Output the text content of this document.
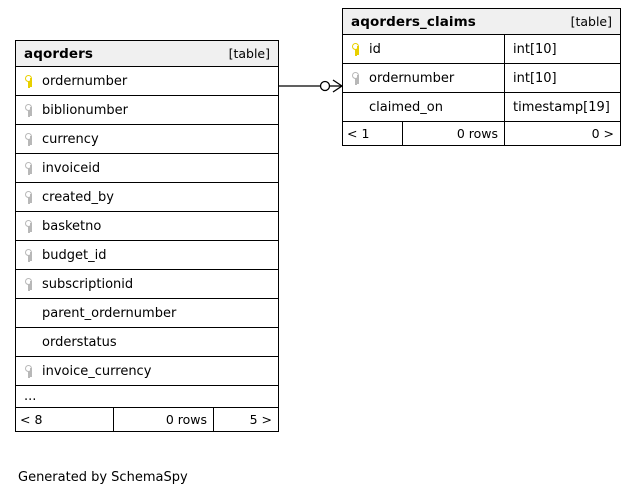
aqorders	[table]
ordernumber
biblionumber
currency
invoiceid
created_by
basketno
budget_id
subscriptionid
parent_ordernumber
orderstatus
invoice_currency
...
< 8	0 rows	5 >
aqorders_claims	[table]
id	int[10]
ordernumber	int[10]
claimed_on	timestamp[19]
< 1	0 rows	0 >
Generated by SchemaSpy
